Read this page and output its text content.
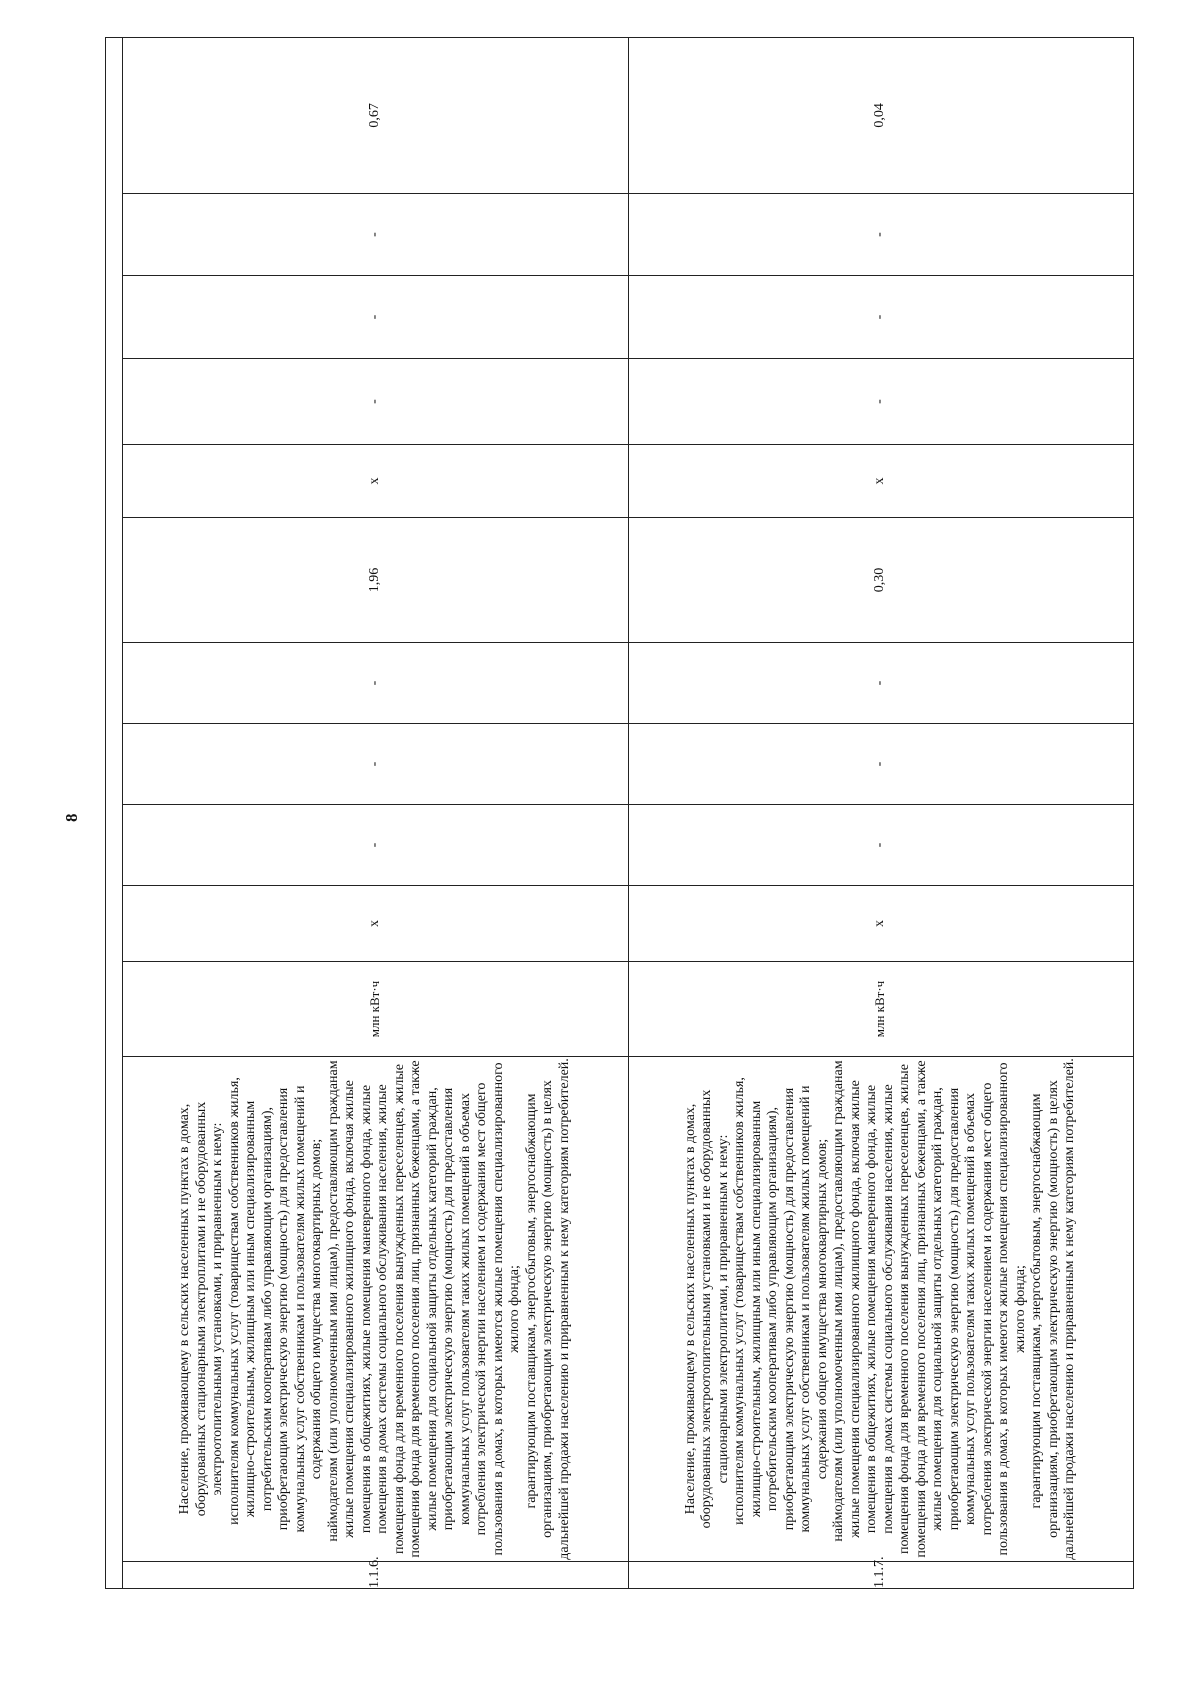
8

1.1.6.	Население, проживающему в сельских населенных пунктах в домах, оборудованных стационарными электроплитами и не оборудованных электроотопительными установками, и приравненным к нему: исполнителям коммунальных услуг (товариществам собственников жилья, жилищно-строительным, жилищным или иным специализированным потребительским кооперативам либо управляющим организациям), приобретающим электрическую энергию (мощность) для предоставления коммунальных услуг собственникам и пользователям жилых помещений и содержания общего имущества многоквартирных домов; наймодателям (или уполномоченным ими лицам), предоставляющим гражданам жилые помещения специализированного жилищного фонда, включая жилые помещения в общежитиях, жилые помещения маневренного фонда, жилые помещения в домах системы социального обслуживания населения, жилые помещения фонда для временного поселения вынужденных переселенцев, жилые помещения фонда для временного поселения лиц, признанных беженцами, а также жилые помещения для социальной защиты отдельных категорий граждан, приобретающим электрическую энергию (мощность) для предоставления коммунальных услуг пользователям таких жилых помещений в объемах потребления электрической энергии населением и содержания мест общего пользования в домах, в которых имеются жилые помещения специализированного жилого фонда; гарантирующим поставщикам, энергосбытовым, энергоснабжающим организациям, приобретающим электрическую энергию (мощность) в целях дальнейшей продажи населению и приравненным к нему категориям потребителей.	млн кВт·ч	х	-	-	-	1,96	х	-	-	-	0,67
1.1.7.	Население, проживающему в сельских населенных пунктах в домах, оборудованных электроотопительными установками и не оборудованных стационарными электроплитами, и приравненным к нему: исполнителям коммунальных услуг (товариществам собственников жилья, жилищно-строительным, жилищным или иным специализированным потребительским кооперативам либо управляющим организациям), приобретающим электрическую энергию (мощность) для предоставления коммунальных услуг собственникам и пользователям жилых помещений и содержания общего имущества многоквартирных домов; наймодателям (или уполномоченным ими лицам), предоставляющим гражданам жилые помещения специализированного жилищного фонда, включая жилые помещения в общежитиях, жилые помещения маневренного фонда, жилые помещения в домах системы социального обслуживания населения, жилые помещения фонда для временного поселения вынужденных переселенцев, жилые помещения фонда для временного поселения лиц, признанных беженцами, а также жилые помещения для социальной защиты отдельных категорий граждан, приобретающим электрическую энергию (мощность) для предоставления коммунальных услуг пользователям таких жилых помещений в объемах потребления электрической энергии населением и содержания мест общего пользования в домах, в которых имеются жилые помещения специализированного жилого фонда; гарантирующим поставщикам, энергосбытовым, энергоснабжающим организациям, приобретающим электрическую энергию (мощность) в целях дальнейшей продажи населению и приравненным к нему категориям потребителей.	млн кВт·ч	х	-	-	-	0,30	х	-	-	-	0,04
